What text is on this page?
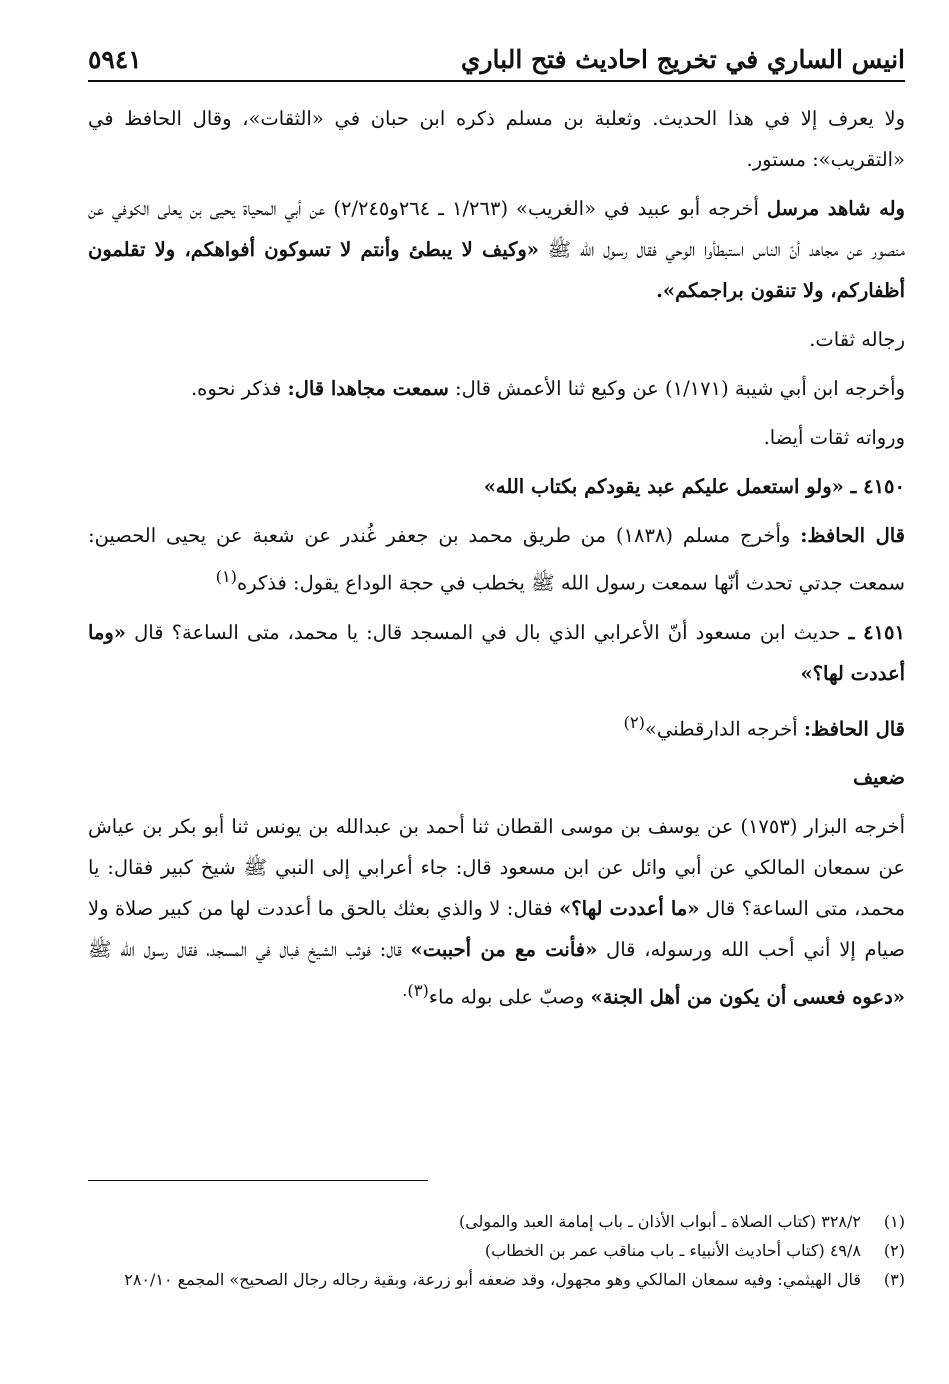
انيس الساري في تخريج احاديث فتح الباري
٥٩٤١

ولا يعرف إلا في هذا الحديث. وثعلبة بن مسلم ذكره ابن حبان في «الثقات»، وقال الحافظ في «التقريب»: مستور.

وله شاهد مرسل أخرجه أبو عبيد في «الغريب» (١/٢٦٣ ـ ٢٦٤و٢/٢٤٥) عن أبي المحياة يحيى بن يعلى الكوفي عن منصور عن مجاهد أنّ الناس استبطأوا الوحي فقال رسول الله ﷺ «وكيف لا يبطئ وأنتم لا تسوكون أفواهكم، ولا تقلمون أظفاركم، ولا تنقون براجمكم».

رجاله ثقات.

وأخرجه ابن أبي شيبة (١/١٧١) عن وكيع ثنا الأعمش قال: سمعت مجاهدا قال: فذكر نحوه.

ورواته ثقات أيضا.

٤١٥٠ ـ «ولو استعمل عليكم عبد يقودكم بكتاب الله»

قال الحافظ: وأخرج مسلم (١٨٣٨) من طريق محمد بن جعفر غُندر عن شعبة عن يحيى الحصين: سمعت جدتي تحدث أنّها سمعت رسول الله ﷺ يخطب في حجة الوداع يقول: فذكره$^{(١)}$

٤١٥١ ـ حديث ابن مسعود أنّ الأعرابي الذي بال في المسجد قال: يا محمد، متى الساعة؟ قال «وما أعددت لها؟»

قال الحافظ: أخرجه الدارقطني»$^{(٢)}$

ضعيف

أخرجه البزار (١٧٥٣) عن يوسف بن موسى القطان ثنا أحمد بن عبدالله بن يونس ثنا أبو بكر بن عياش عن سمعان المالكي عن أبي وائل عن ابن مسعود قال: جاء أعرابي إلى النبي ﷺ شيخ كبير فقال: يا محمد، متى الساعة؟ قال «ما أعددت لها؟» فقال: لا والذي بعثك بالحق ما أعددت لها من كبير صلاة ولا صيام إلا أني أحب الله ورسوله، قال «فأنت مع من أحببت» قال: فوثب الشيخ فبال في المسجد، فقال رسول الله ﷺ «دعوه فعسى أن يكون من أهل الجنة» وصبّ على بوله ماء$^{(٣).}$

(١)
٣٢٨/٢ (كتاب الصلاة ـ أبواب الأذان ـ باب إمامة العبد والمولى)
(٢)
٤٩/٨ (كتاب أحاديث الأنبياء ـ باب مناقب عمر بن الخطاب)
(٣)
قال الهيثمي: وفيه سمعان المالكي وهو مجهول، وقد ضعفه أبو زرعة، وبقية رجاله رجال الصحيح» المجمع ٢٨٠/١٠
